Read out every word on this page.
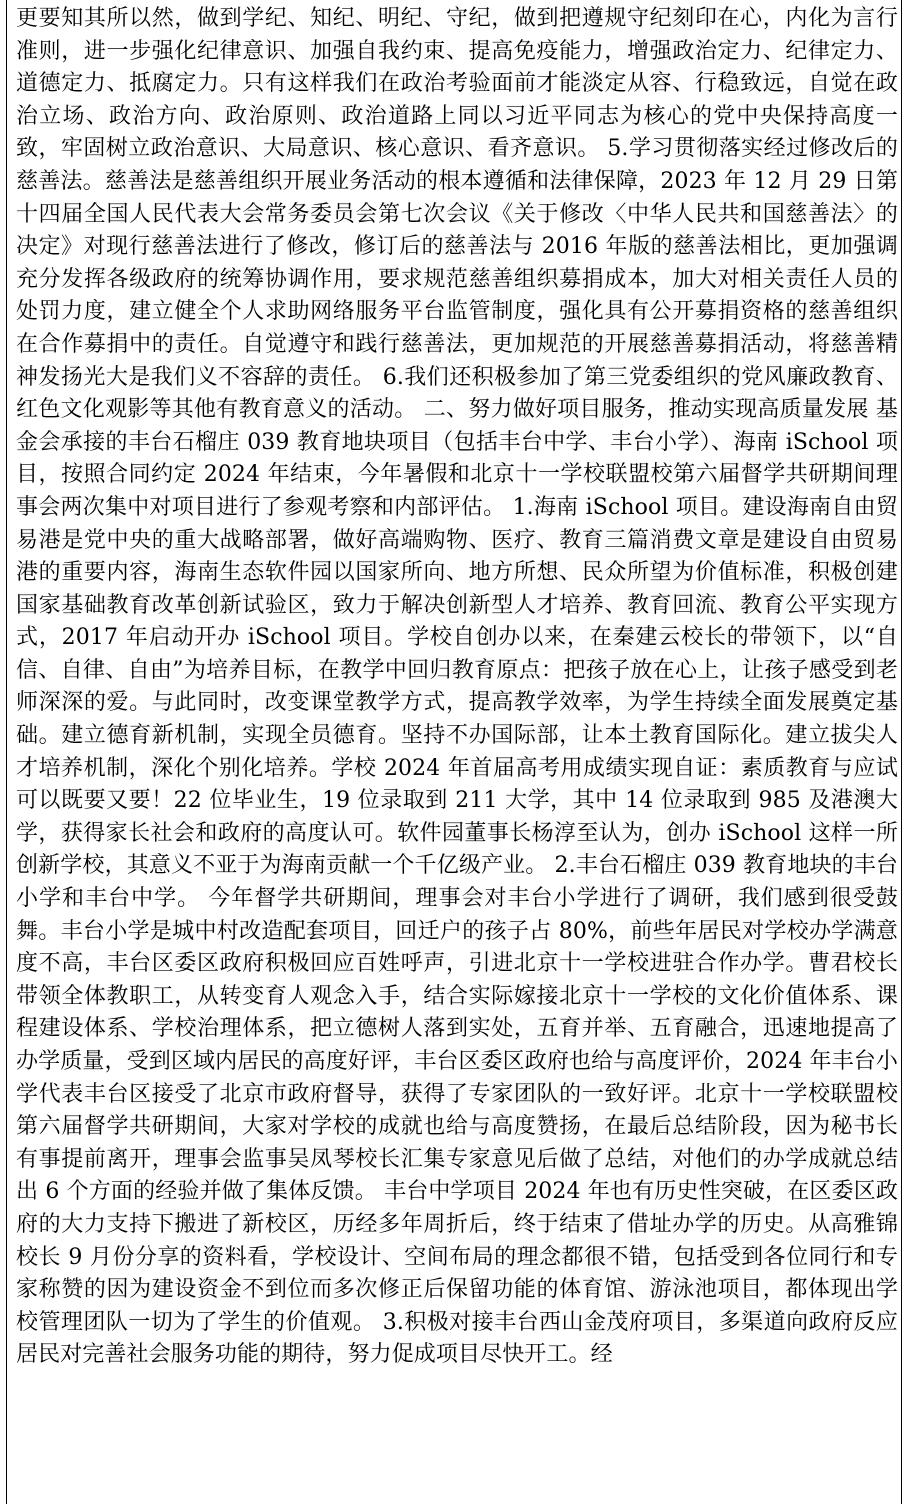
更要知其所以然，做到学纪、知纪、明纪、守纪，做到把遵规守纪刻印在心，内化为言行准则，进一步强化纪律意识、加强自我约束、提高免疫能力，增强政治定力、纪律定力、道德定力、抵腐定力。只有这样我们在政治考验面前才能淡定从容、行稳致远，自觉在政治立场、政治方向、政治原则、政治道路上同以习近平同志为核心的党中央保持高度一致，牢固树立政治意识、大局意识、核心意识、看齐意识。 5.学习贯彻落实经过修改后的慈善法。慈善法是慈善组织开展业务活动的根本遵循和法律保障，2023 年 12 月 29 日第十四届全国人民代表大会常务委员会第七次会议《关于修改〈中华人民共和国慈善法〉的决定》对现行慈善法进行了修改，修订后的慈善法与 2016 年版的慈善法相比，更加强调充分发挥各级政府的统筹协调作用，要求规范慈善组织募捐成本，加大对相关责任人员的处罚力度，建立健全个人求助网络服务平台监管制度，强化具有公开募捐资格的慈善组织在合作募捐中的责任。自觉遵守和践行慈善法，更加规范的开展慈善募捐活动，将慈善精神发扬光大是我们义不容辞的责任。 6.我们还积极参加了第三党委组织的党风廉政教育、红色文化观影等其他有教育意义的活动。 二、努力做好项目服务，推动实现高质量发展 基金会承接的丰台石榴庄 039 教育地块项目（包括丰台中学、丰台小学）、海南 iSchool 项目，按照合同约定 2024 年结束，今年暑假和北京十一学校联盟校第六届督学共研期间理事会两次集中对项目进行了参观考察和内部评估。 1.海南 iSchool 项目。建设海南自由贸易港是党中央的重大战略部署，做好高端购物、医疗、教育三篇消费文章是建设自由贸易港的重要内容，海南生态软件园以国家所向、地方所想、民众所望为价值标准，积极创建国家基础教育改革创新试验区，致力于解决创新型人才培养、教育回流、教育公平实现方式，2017 年启动开办 iSchool 项目。学校自创办以来，在秦建云校长的带领下，以“自信、自律、自由”为培养目标，在教学中回归教育原点：把孩子放在心上，让孩子感受到老师深深的爱。与此同时，改变课堂教学方式，提高教学效率，为学生持续全面发展奠定基础。建立德育新机制，实现全员德育。坚持不办国际部，让本土教育国际化。建立拔尖人才培养机制，深化个别化培养。学校 2024 年首届高考用成绩实现自证：素质教育与应试可以既要又要！22 位毕业生，19 位录取到 211 大学，其中 14 位录取到 985 及港澳大学，获得家长社会和政府的高度认可。软件园董事长杨淳至认为，创办 iSchool 这样一所创新学校，其意义不亚于为海南贡献一个千亿级产业。 2.丰台石榴庄 039 教育地块的丰台小学和丰台中学。 今年督学共研期间，理事会对丰台小学进行了调研，我们感到很受鼓舞。丰台小学是城中村改造配套项目，回迁户的孩子占 80%，前些年居民对学校办学满意度不高，丰台区委区政府积极回应百姓呼声，引进北京十一学校进驻合作办学。曹君校长带领全体教职工，从转变育人观念入手，结合实际嫁接北京十一学校的文化价值体系、课程建设体系、学校治理体系，把立德树人落到实处，五育并举、五育融合，迅速地提高了办学质量，受到区域内居民的高度好评，丰台区委区政府也给与高度评价，2024 年丰台小学代表丰台区接受了北京市政府督导，获得了专家团队的一致好评。北京十一学校联盟校第六届督学共研期间，大家对学校的成就也给与高度赞扬，在最后总结阶段，因为秘书长有事提前离开，理事会监事吴凤琴校长汇集专家意见后做了总结，对他们的办学成就总结出 6 个方面的经验并做了集体反馈。 丰台中学项目 2024 年也有历史性突破，在区委区政府的大力支持下搬进了新校区，历经多年周折后，终于结束了借址办学的历史。从高雅锦校长 9 月份分享的资料看，学校设计、空间布局的理念都很不错，包括受到各位同行和专家称赞的因为建设资金不到位而多次修正后保留功能的体育馆、游泳池项目，都体现出学校管理团队一切为了学生的价值观。 3.积极对接丰台西山金茂府项目，多渠道向政府反应居民对完善社会服务功能的期待，努力促成项目尽快开工。经
